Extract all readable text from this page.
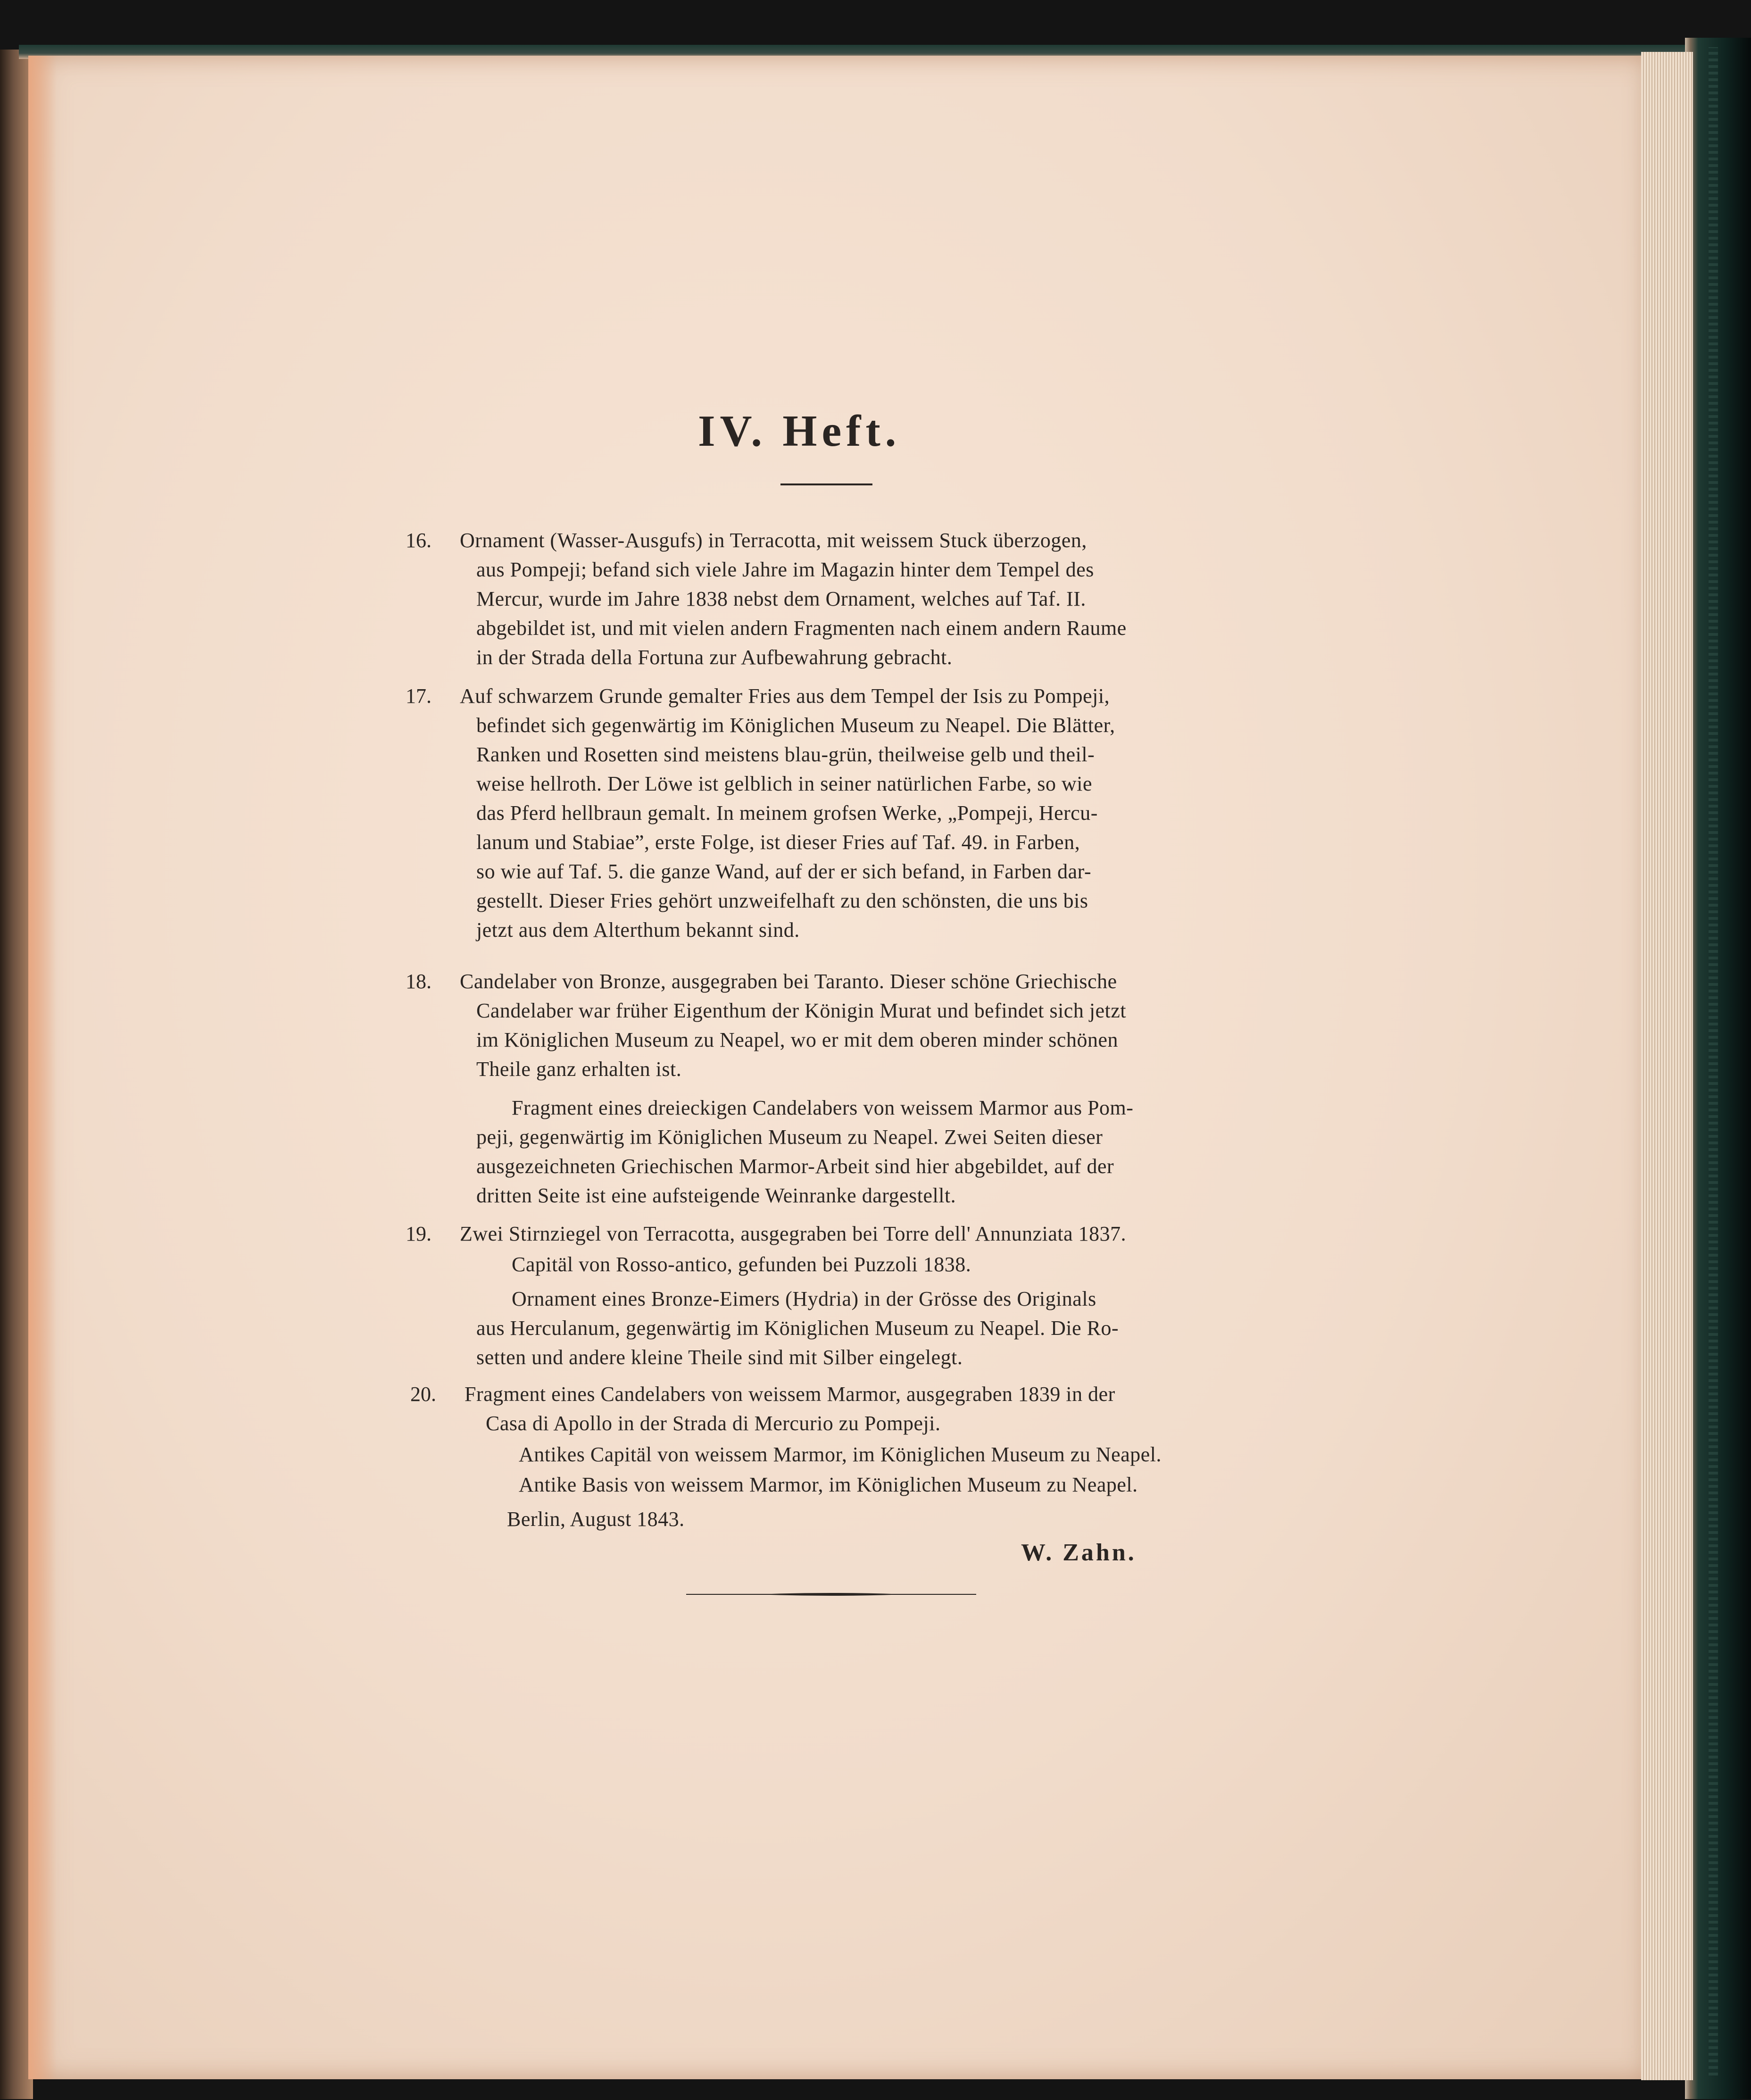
IV. Heft.
16. Ornament (Wasser-Ausgufs) in Terracotta, mit weissem Stuck überzogen,
aus Pompeji; befand sich viele Jahre im Magazin hinter dem Tempel des
Mercur, wurde im Jahre 1838 nebst dem Ornament, welches auf Taf. II.
abgebildet ist, und mit vielen andern Fragmenten nach einem andern Raume
in der Strada della Fortuna zur Aufbewahrung gebracht.
17. Auf schwarzem Grunde gemalter Fries aus dem Tempel der Isis zu Pompeji,
befindet sich gegenwärtig im Königlichen Museum zu Neapel. Die Blätter,
Ranken und Rosetten sind meistens blau-grün, theilweise gelb und theil-
weise hellroth. Der Löwe ist gelblich in seiner natürlichen Farbe, so wie
das Pferd hellbraun gemalt. In meinem grofsen Werke, „Pompeji, Hercu-
lanum und Stabiae”, erste Folge, ist dieser Fries auf Taf. 49. in Farben,
so wie auf Taf. 5. die ganze Wand, auf der er sich befand, in Farben dar-
gestellt. Dieser Fries gehört unzweifelhaft zu den schönsten, die uns bis
jetzt aus dem Alterthum bekannt sind.
18. Candelaber von Bronze, ausgegraben bei Taranto. Dieser schöne Griechische
Candelaber war früher Eigenthum der Königin Murat und befindet sich jetzt
im Königlichen Museum zu Neapel, wo er mit dem oberen minder schönen
Theile ganz erhalten ist.
Fragment eines dreieckigen Candelabers von weissem Marmor aus Pom-
peji, gegenwärtig im Königlichen Museum zu Neapel. Zwei Seiten dieser
ausgezeichneten Griechischen Marmor-Arbeit sind hier abgebildet, auf der
dritten Seite ist eine aufsteigende Weinranke dargestellt.
19. Zwei Stirnziegel von Terracotta, ausgegraben bei Torre dell' Annunziata 1837.
Capitäl von Rosso-antico, gefunden bei Puzzoli 1838.
Ornament eines Bronze-Eimers (Hydria) in der Grösse des Originals
aus Herculanum, gegenwärtig im Königlichen Museum zu Neapel. Die Ro-
setten und andere kleine Theile sind mit Silber eingelegt.
20. Fragment eines Candelabers von weissem Marmor, ausgegraben 1839 in der
Casa di Apollo in der Strada di Mercurio zu Pompeji.
Antikes Capitäl von weissem Marmor, im Königlichen Museum zu Neapel.
Antike Basis von weissem Marmor, im Königlichen Museum zu Neapel.
Berlin, August 1843.
W. Zahn.
